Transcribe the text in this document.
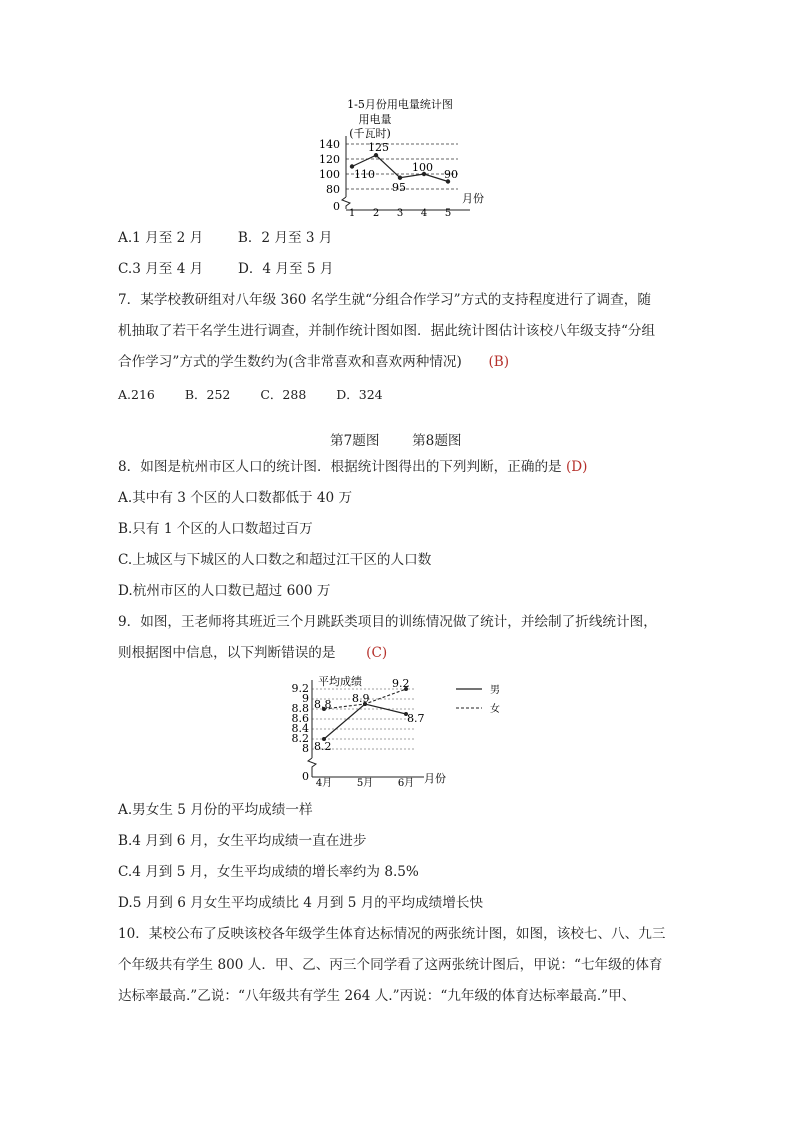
1-5月份用电量统计图
用电量
(千瓦时)
140
120
100
80
0
1 2 3 4 5
月份
110
125
95
100
90
A.1 月至 2 月	B．2 月至 3 月
C.3 月至 4 月	D．4 月至 5 月
7．某学校教研组对八年级 360 名学生就“分组合作学习”方式的支持程度进行了调查，随
机抽取了若干名学生进行调查，并制作统计图如图．据此统计图估计该校八年级支持“分组
合作学习”方式的学生数约为(含非常喜欢和喜欢两种情况) (B)
A.216 B．252 C．288 D．324
第7题图 第8题图
8．如图是杭州市区人口的统计图．根据统计图得出的下列判断，正确的是 (D)
A.其中有 3 个区的人口数都低于 40 万
B.只有 1 个区的人口数超过百万
C.上城区与下城区的人口数之和超过江干区的人口数
D.杭州市区的人口数已超过 600 万
9．如图，王老师将其班近三个月跳跃类项目的训练情况做了统计，并绘制了折线统计图，
则根据图中信息，以下判断错误的是 (C)
平均成绩
9.2
9
8.8
8.6
8.4
8.2
8
0
4月 5月 6月 月份
8.8 8.9
9.2
8.2
8.7
男
女
A.男女生 5 月份的平均成绩一样
B.4 月到 6 月，女生平均成绩一直在进步
C.4 月到 5 月，女生平均成绩的增长率约为 8.5%
D.5 月到 6 月女生平均成绩比 4 月到 5 月的平均成绩增长快
10．某校公布了反映该校各年级学生体育达标情况的两张统计图，如图，该校七、八、九三
个年级共有学生 800 人．甲、乙、丙三个同学看了这两张统计图后，甲说：“七年级的体育
达标率最高.”乙说：“八年级共有学生 264 人.”丙说：“九年级的体育达标率最高.”甲、
